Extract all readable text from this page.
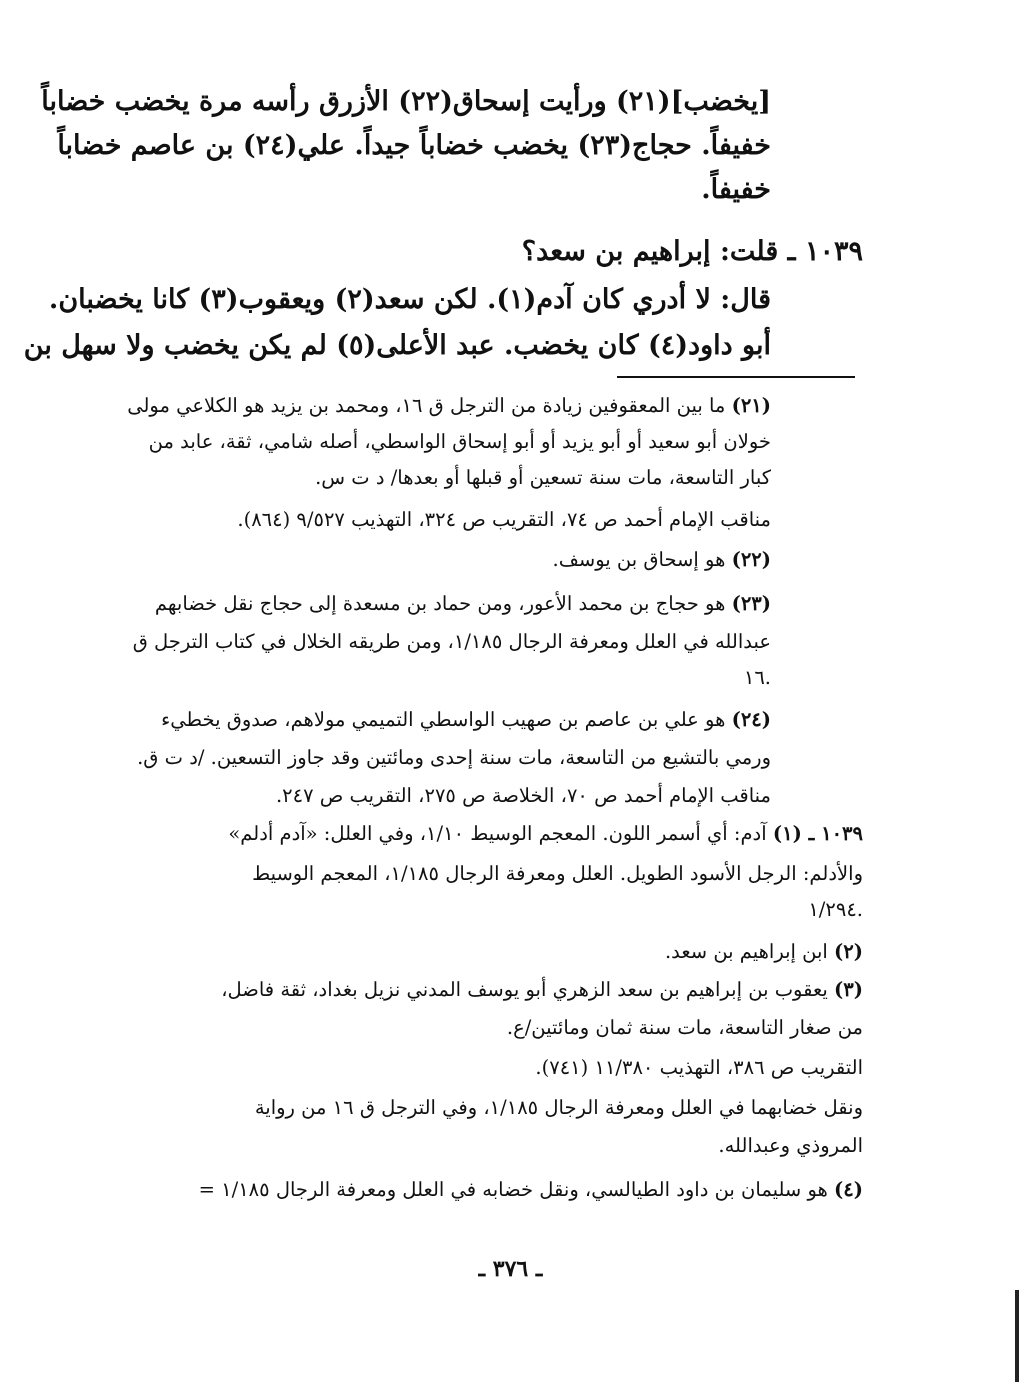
[يخضب](٢١) ورأيت إسحاق(٢٢) الأزرق رأسه مرة يخضب خضاباً

خفيفاً. حجاج(٢٣) يخضب خضاباً جيداً. علي(٢٤) بن عاصم خضاباً

خفيفاً.

١٠٣٩ ـ قلت: إبراهيم بن سعد؟

قال: لا أدري كان آدم(١). لكن سعد(٢) ويعقوب(٣) كانا يخضبان.

أبو داود(٤) كان يخضب. عبد الأعلى(٥) لم يكن يخضب ولا سهل بن

(٢١) ما بين المعقوفين زيادة من الترجل ق ١٦، ومحمد بن يزيد هو الكلاعي مولى

خولان أبو سعيد أو أبو يزيد أو أبو إسحاق الواسطي، أصله شامي، ثقة، عابد من

كبار التاسعة، مات سنة تسعين أو قبلها أو بعدها/ د ت س.

مناقب الإمام أحمد ص ٧٤، التقريب ص ٣٢٤، التهذيب ٩/٥٢٧ (٨٦٤).

(٢٢) هو إسحاق بن يوسف.

(٢٣) هو حجاج بن محمد الأعور، ومن حماد بن مسعدة إلى حجاج نقل خضابهم

عبدالله في العلل ومعرفة الرجال ١/١٨٥، ومن طريقه الخلال في كتاب الترجل ق

١٦.

(٢٤) هو علي بن عاصم بن صهيب الواسطي التميمي مولاهم، صدوق يخطيء

ورمي بالتشيع من التاسعة، مات سنة إحدى ومائتين وقد جاوز التسعين. /د ت ق.

مناقب الإمام أحمد ص ٧٠، الخلاصة ص ٢٧٥، التقريب ص ٢٤٧.

١٠٣٩ ـ (١) آدم: أي أسمر اللون. المعجم الوسيط ١/١٠، وفي العلل: «آدم أدلم»

والأدلم: الرجل الأسود الطويل. العلل ومعرفة الرجال ١/١٨٥، المعجم الوسيط

١/٢٩٤.

(٢) ابن إبراهيم بن سعد.

(٣) يعقوب بن إبراهيم بن سعد الزهري أبو يوسف المدني نزيل بغداد، ثقة فاضل،

من صغار التاسعة، مات سنة ثمان ومائتين/ع.

التقريب ص ٣٨٦، التهذيب ١١/٣٨٠ (٧٤١).

ونقل خضابهما في العلل ومعرفة الرجال ١/١٨٥، وفي الترجل ق ١٦ من رواية

المروذي وعبدالله.

(٤) هو سليمان بن داود الطيالسي، ونقل خضابه في العلل ومعرفة الرجال ١/١٨٥ =

ـ ٣٧٦ ـ
